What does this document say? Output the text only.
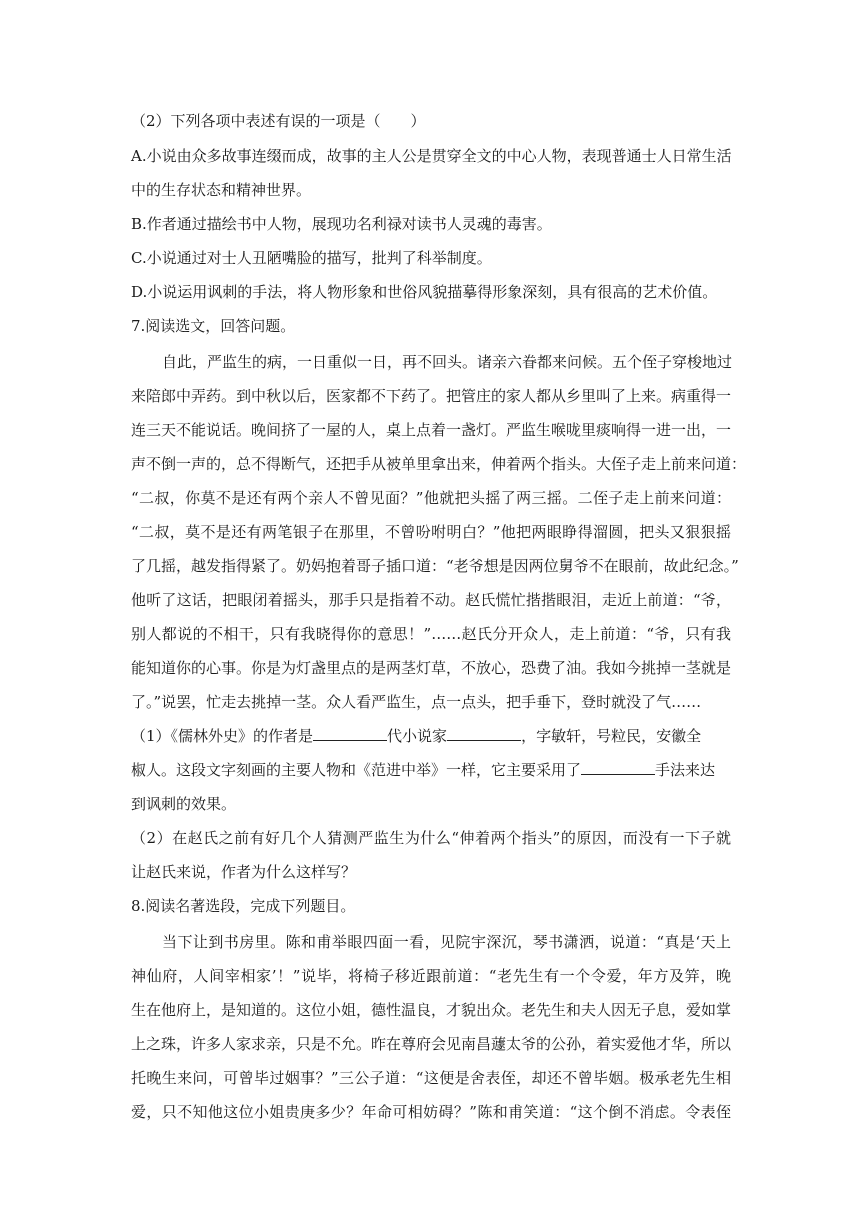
（2）下列各项中表述有误的一项是（　　）

A.小说由众多故事连缀而成，故事的主人公是贯穿全文的中心人物，表现普通士人日常生活

中的生存状态和精神世界。

B.作者通过描绘书中人物，展现功名利禄对读书人灵魂的毒害。

C.小说通过对士人丑陋嘴脸的描写，批判了科举制度。

D.小说运用讽刺的手法，将人物形象和世俗风貌描摹得形象深刻，具有很高的艺术价值。

7.阅读选文，回答问题。

自此，严监生的病，一日重似一日，再不回头。诸亲六眷都来问候。五个侄子穿梭地过

来陪郎中弄药。到中秋以后，医家都不下药了。把管庄的家人都从乡里叫了上来。病重得一

连三天不能说话。晚间挤了一屋的人，桌上点着一盏灯。严监生喉咙里痰响得一进一出，一

声不倒一声的，总不得断气，还把手从被单里拿出来，伸着两个指头。大侄子走上前来问道：

“二叔，你莫不是还有两个亲人不曾见面？”他就把头摇了两三摇。二侄子走上前来问道：

“二叔，莫不是还有两笔银子在那里，不曾吩咐明白？”他把两眼睁得溜圆，把头又狠狠摇

了几摇，越发指得紧了。奶妈抱着哥子插口道：“老爷想是因两位舅爷不在眼前，故此纪念。”

他听了这话，把眼闭着摇头，那手只是指着不动。赵氏慌忙揩揩眼泪，走近上前道：“爷，

别人都说的不相干，只有我晓得你的意思！”……赵氏分开众人，走上前道：“爷，只有我

能知道你的心事。你是为灯盏里点的是两茎灯草，不放心，恐费了油。我如今挑掉一茎就是

了。”说罢，忙走去挑掉一茎。众人看严监生，点一点头，把手垂下，登时就没了气……

（1）《儒林外史》的作者是	代小说家	，字敏轩，号粒民，安徽全

椒人。这段文字刻画的主要人物和《范进中举》一样，它主要采用了	手法来达

到讽刺的效果。

（2）在赵氏之前有好几个人猜测严监生为什么“伸着两个指头”的原因，而没有一下子就

让赵氏来说，作者为什么这样写？

8.阅读名著选段，完成下列题目。

当下让到书房里。陈和甫举眼四面一看，见院宇深沉，琴书潇洒，说道：“真是‘天上

神仙府，人间宰相家’！”说毕，将椅子移近跟前道：“老先生有一个令爱，年方及笄，晚

生在他府上，是知道的。这位小姐，德性温良，才貌出众。老先生和夫人因无子息，爱如掌

上之珠，许多人家求亲，只是不允。昨在尊府会见南昌蘧太爷的公孙，着实爱他才华，所以

托晚生来问，可曾毕过姻事？”三公子道：“这便是舍表侄，却还不曾毕姻。极承老先生相

爱，只不知他这位小姐贵庚多少？年命可相妨碍？”陈和甫笑道：“这个倒不消虑。令表侄
